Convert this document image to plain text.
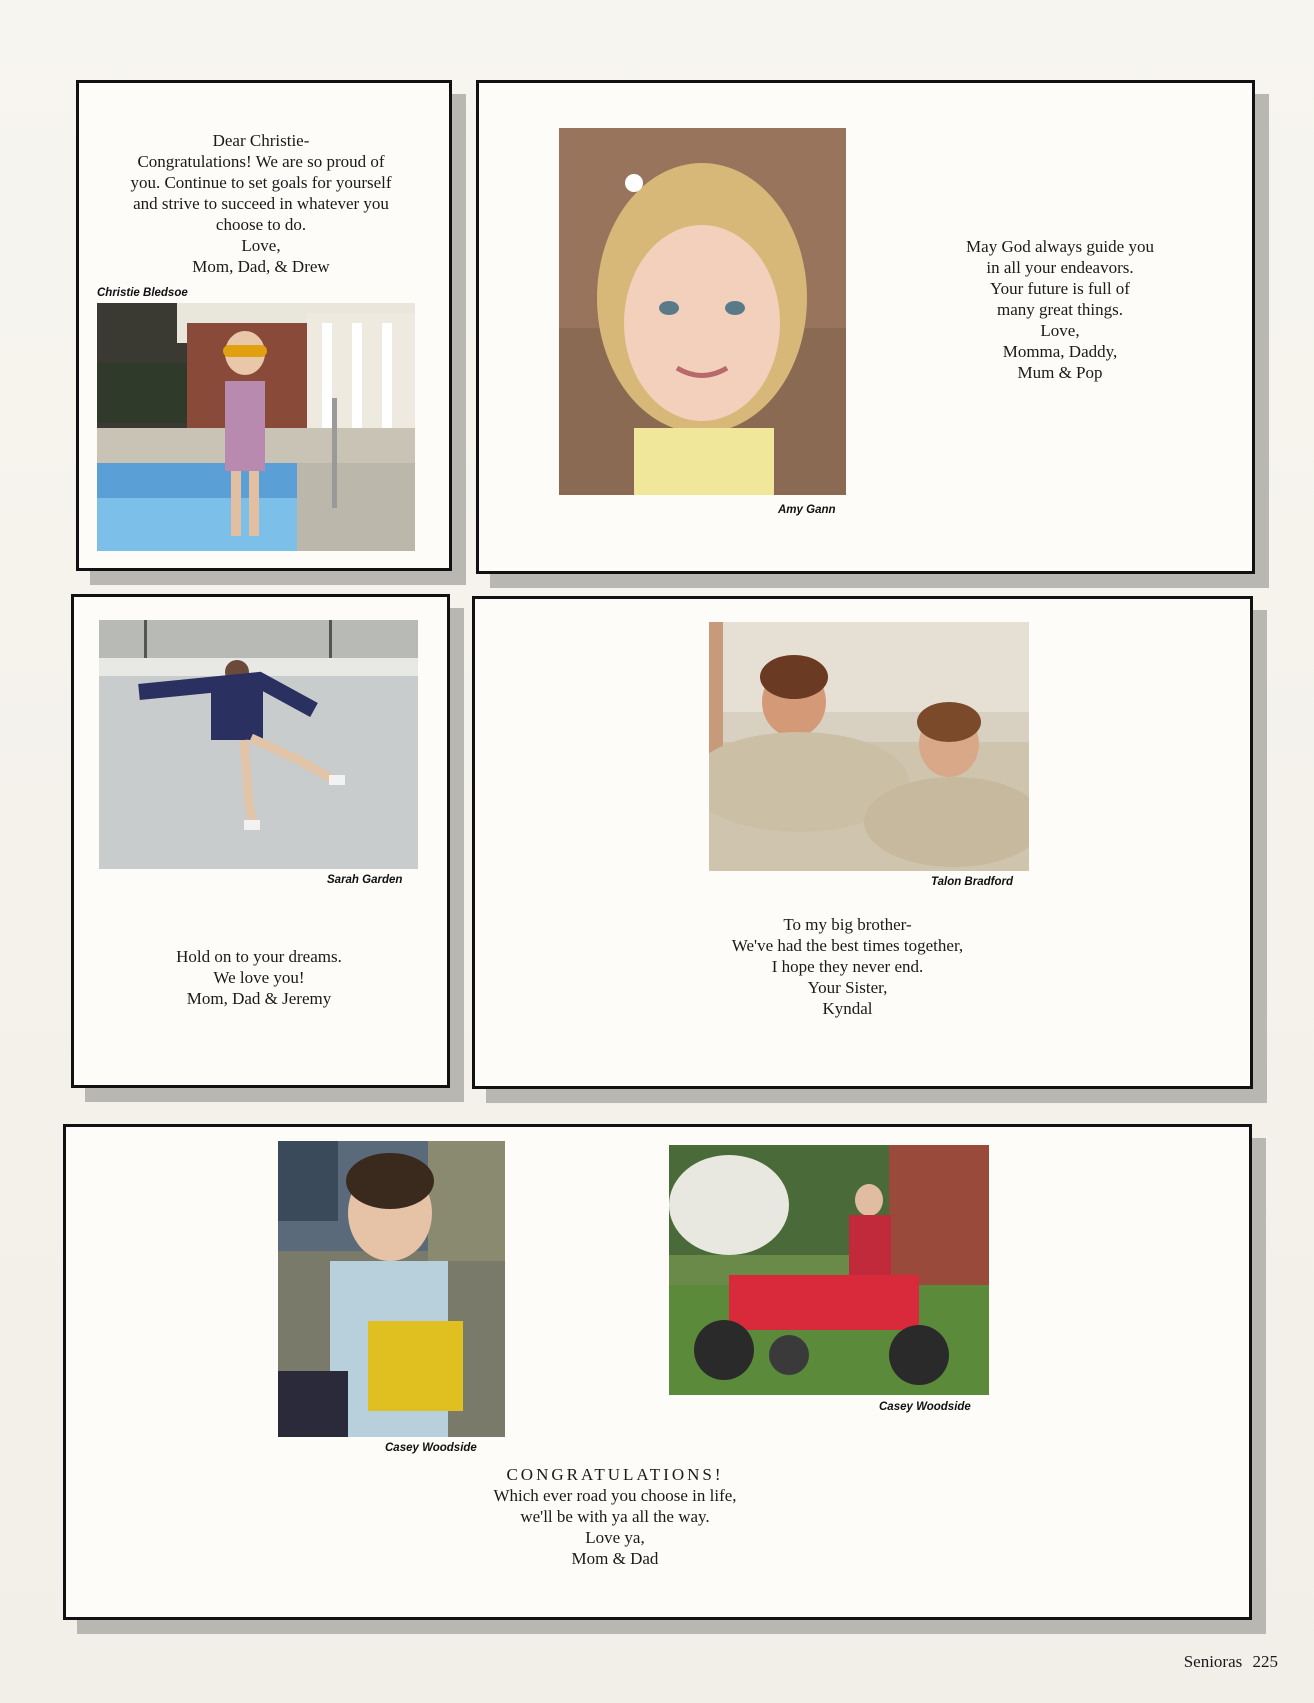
Dear Christie-
Congratulations! We are so proud of
you. Continue to set goals for yourself
and strive to succeed in whatever you
choose to do.
Love,
Mom, Dad, & Drew
Christie Bledsoe
Amy Gann
May God always guide you
in all your endeavors.
Your future is full of
many great things.
Love,
Momma, Daddy,
Mum & Pop
Sarah Garden
Hold on to your dreams.
We love you!
Mom, Dad & Jeremy
Talon Bradford
To my big brother-
We've had the best times together,
I hope they never end.
Your Sister,
Kyndal
Casey Woodside
Casey Woodside
CONGRATULATIONS!
Which ever road you choose in life,
we'll be with ya all the way.
Love ya,
Mom & Dad
Senioras 225
